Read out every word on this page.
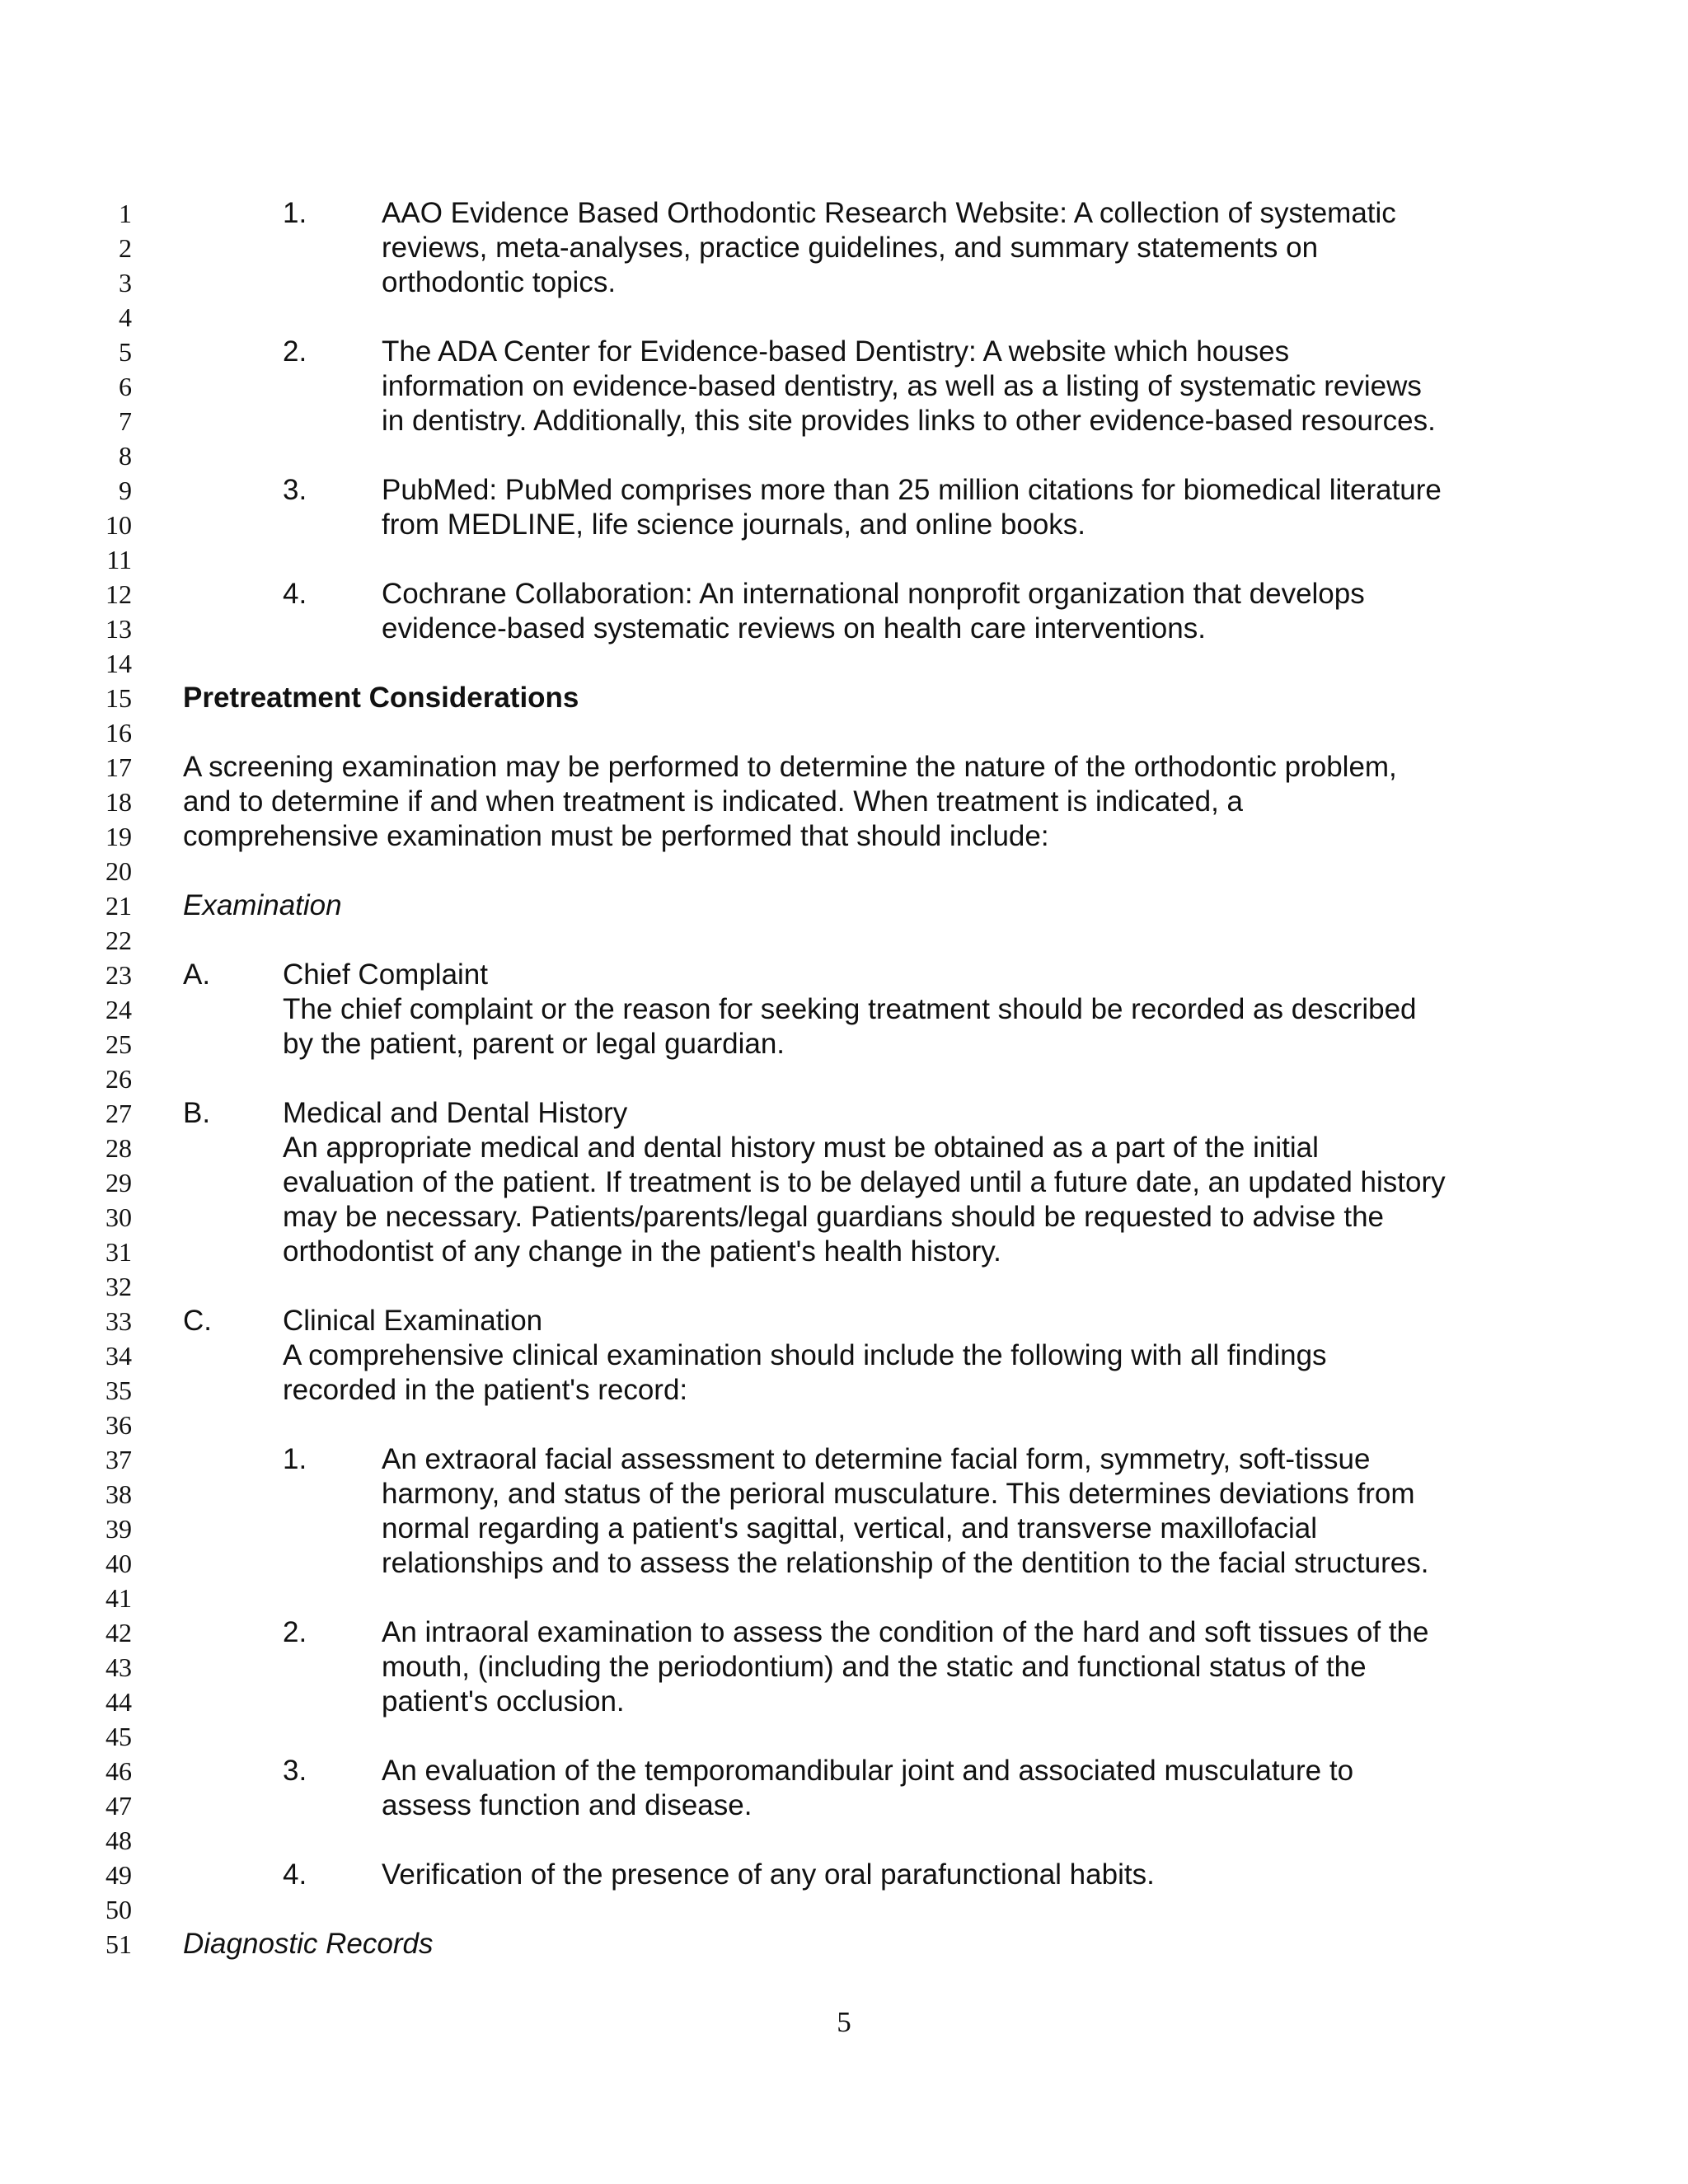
1
2
3
4
5
6
7
8
9
10
11
12
13
14
15
16
17
18
19
20
21
22
23
24
25
26
27
28
29
30
31
32
33
34
35
36
37
38
39
40
41
42
43
44
45
46
47
48
49
50
51
1.	AAO Evidence Based Orthodontic Research Website: A collection of systematic
reviews, meta-analyses, practice guidelines, and summary statements on
orthodontic topics.
2.	The ADA Center for Evidence-based Dentistry: A website which houses
information on evidence-based dentistry, as well as a listing of systematic reviews
in dentistry. Additionally, this site provides links to other evidence-based resources.
3.	PubMed: PubMed comprises more than 25 million citations for biomedical literature
from MEDLINE, life science journals, and online books.
4.	Cochrane Collaboration: An international nonprofit organization that develops
evidence-based systematic reviews on health care interventions.
Pretreatment Considerations
A screening examination may be performed to determine the nature of the orthodontic problem,
and to determine if and when treatment is indicated. When treatment is indicated, a
comprehensive examination must be performed that should include:
Examination
A.	Chief Complaint
The chief complaint or the reason for seeking treatment should be recorded as described
by the patient, parent or legal guardian.
B.	Medical and Dental History
An appropriate medical and dental history must be obtained as a part of the initial
evaluation of the patient. If treatment is to be delayed until a future date, an updated history
may be necessary. Patients/parents/legal guardians should be requested to advise the
orthodontist of any change in the patient's health history.
C. Clinical Examination
A comprehensive clinical examination should include the following with all findings
recorded in the patient's record:
1.	An extraoral facial assessment to determine facial form, symmetry, soft-tissue
harmony, and status of the perioral musculature. This determines deviations from
normal regarding a patient's sagittal, vertical, and transverse maxillofacial
relationships and to assess the relationship of the dentition to the facial structures.
2.	An intraoral examination to assess the condition of the hard and soft tissues of the
mouth, (including the periodontium) and the static and functional status of the
patient's occlusion.
3.	An evaluation of the temporomandibular joint and associated musculature to
assess function and disease.
4.	Verification of the presence of any oral parafunctional habits.
Diagnostic Records
5
